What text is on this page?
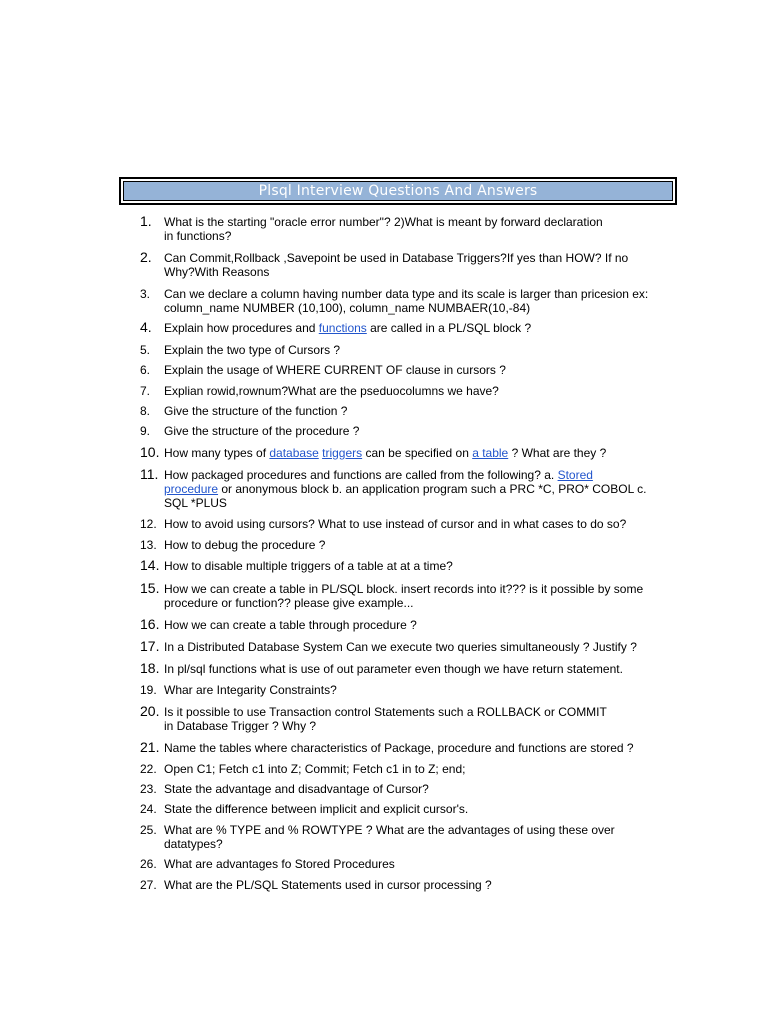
Plsql Interview Questions And Answers
1. What is the starting "oracle error number"? 2)What is meant by forward declaration
in functions?
2. Can Commit,Rollback ,Savepoint be used in Database Triggers?If yes than HOW? If no
Why?With Reasons
3. Can we declare a column having number data type and its scale is larger than pricesion ex:
column_name NUMBER (10,100), column_name NUMBAER(10,-84)
4. Explain how procedures and functions are called in a PL/SQL block ?
5. Explain the two type of Cursors ?
6. Explain the usage of WHERE CURRENT OF clause in cursors ?
7. Explian rowid,rownum?What are the pseduocolumns we have?
8. Give the structure of the function ?
9. Give the structure of the procedure ?
10. How many types of database triggers can be specified on a table ? What are they ?
11. How packaged procedures and functions are called from the following? a. Stored
procedure or anonymous block b. an application program such a PRC *C, PRO* COBOL c.
SQL *PLUS
12. How to avoid using cursors? What to use instead of cursor and in what cases to do so?
13. How to debug the procedure ?
14. How to disable multiple triggers of a table at at a time?
15. How we can create a table in PL/SQL block. insert records into it??? is it possible by some
procedure or function?? please give example...
16. How we can create a table through procedure ?
17. In a Distributed Database System Can we execute two queries simultaneously ? Justify ?
18. In pl/sql functions what is use of out parameter even though we have return statement.
19. Whar are Integarity Constraints?
20. Is it possible to use Transaction control Statements such a ROLLBACK or COMMIT
in Database Trigger ? Why ?
21. Name the tables where characteristics of Package, procedure and functions are stored ?
22. Open C1; Fetch c1 into Z; Commit; Fetch c1 in to Z; end;
23. State the advantage and disadvantage of Cursor?
24. State the difference between implicit and explicit cursor's.
25. What are % TYPE and % ROWTYPE ? What are the advantages of using these over
datatypes?
26. What are advantages fo Stored Procedures
27. What are the PL/SQL Statements used in cursor processing ?
